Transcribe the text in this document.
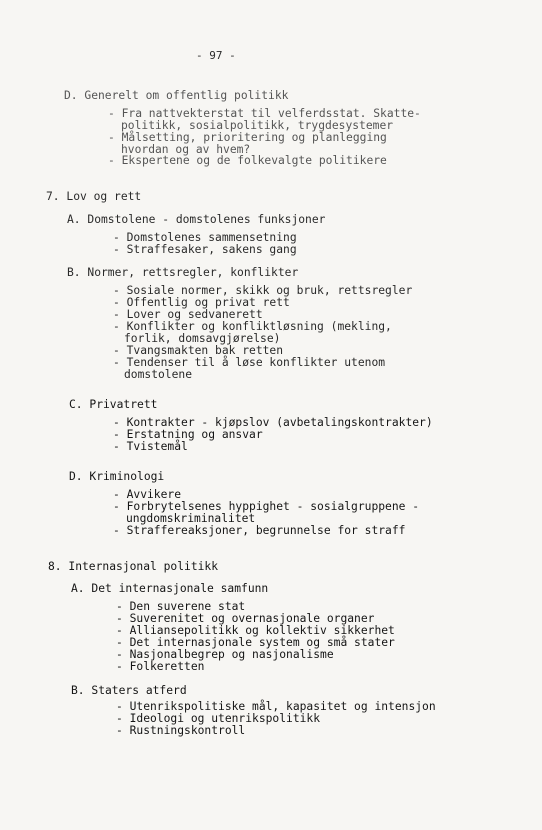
- 97 -
D. Generelt om offentlig politikk
- Fra nattvekterstat til velferdsstat. Skatte-
politikk, sosialpolitikk, trygdesystemer
- Målsetting, prioritering og planlegging
hvordan og av hvem?
- Ekspertene og de folkevalgte politikere
7. Lov og rett
A. Domstolene - domstolenes funksjoner
- Domstolenes sammensetning
- Straffesaker, sakens gang
B. Normer, rettsregler, konflikter
- Sosiale normer, skikk og bruk, rettsregler
- Offentlig og privat rett
- Lover og sedvanerett
- Konflikter og konfliktløsning (mekling,
forlik, domsavgjørelse)
- Tvangsmakten bak retten
- Tendenser til å løse konflikter utenom
domstolene
C. Privatrett
- Kontrakter - kjøpslov (avbetalingskontrakter)
- Erstatning og ansvar
- Tvistemål
D. Kriminologi
- Avvikere
- Forbrytelsenes hyppighet - sosialgruppene -
ungdomskriminalitet
- Straffereaksjoner, begrunnelse for straff
8. Internasjonal politikk
A. Det internasjonale samfunn
- Den suverene stat
- Suverenitet og overnasjonale organer
- Alliansepolitikk og kollektiv sikkerhet
- Det internasjonale system og små stater
- Nasjonalbegrep og nasjonalisme
- Folkeretten
B. Staters atferd
- Utenrikspolitiske mål, kapasitet og intensjon
- Ideologi og utenrikspolitikk
- Rustningskontroll
